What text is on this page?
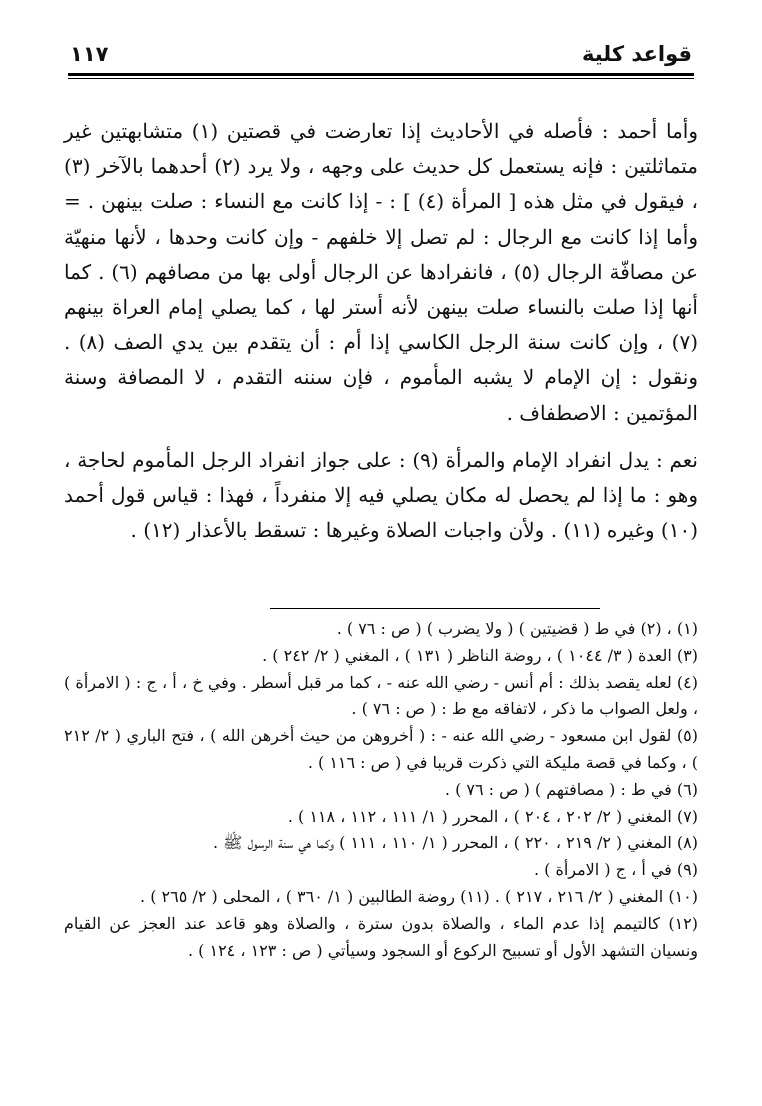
قواعد كلية
١١٧

وأما أحمد : فأصله في الأحاديث إذا تعارضت في قصتين (١) متشابهتين غير متماثلتين : فإنه يستعمل كل حديث على وجهه ، ولا يرد (٢) أحدهما بالآخر (٣) ، فيقول في مثل هذه [ المرأة (٤) ] : - إذا كانت مع النساء : صلت بينهن . = وأما إذا كانت مع الرجال : لم تصل إلا خلفهم - وإن كانت وحدها ، لأنها منهيّة عن مصافّة الرجال (٥) ، فانفرادها عن الرجال أولى بها من مصافهم (٦) . كما أنها إذا صلت بالنساء صلت بينهن لأنه أستر لها ، كما يصلي إمام العراة بينهم (٧) ، وإن كانت سنة الرجل الكاسي إذا أم : أن يتقدم بين يدي الصف (٨) . ونقول : إن الإمام لا يشبه المأموم ، فإن سننه التقدم ، لا المصافة وسنة المؤتمين : الاصطفاف .

نعم : يدل انفراد الإمام والمرأة (٩) : على جواز انفراد الرجل المأموم لحاجة ، وهو : ما إذا لم يحصل له مكان يصلي فيه إلا منفرداً ، فهذا : قياس قول أحمد (١٠) وغيره (١١) . ولأن واجبات الصلاة وغيرها : تسقط بالأعذار (١٢) .

(١) ، (٢) في ط ( قضيتين ) ( ولا يضرب ) ( ص : ٧٦ ) .

(٣) العدة ( ٣/ ١٠٤٤ ) ، روضة الناظر ( ١٣١ ) ، المغني ( ٢/ ٢٤٢ ) .

(٤) لعله يقصد بذلك : أم أنس - رضي الله عنه - ، كما مر قبل أسطر . وفي خ ، أ ، ج : ( الامرأة ) ، ولعل الصواب ما ذكر ، لاتفاقه مع ط : ( ص : ٧٦ ) .

(٥) لقول ابن مسعود - رضي الله عنه - : ( أخروهن من حيث أخرهن الله ) ، فتح الباري ( ٢/ ٢١٢ ) ، وكما في قصة مليكة التي ذكرت قريبا في ( ص : ١١٦ ) .

(٦) في ط : ( مصافتهم ) ( ص : ٧٦ ) .

(٧) المغني ( ٢/ ٢٠٢ ، ٢٠٤ ) ، المحرر ( ١/ ١١١ ، ١١٢ ، ١١٨ ) .

(٨) المغني ( ٢/ ٢١٩ ، ٢٢٠ ) ، المحرر ( ١/ ١١٠ ، ١١١ ) وكما هي سنة الرسول ﷺ .

(٩) في أ ، ج ( الامرأة ) .

(١٠) المغني ( ٢/ ٢١٦ ، ٢١٧ ) . (١١) روضة الطالبين ( ١/ ٣٦٠ ) ، المحلى ( ٢/ ٢٦٥ ) .

(١٢) كالتيمم إذا عدم الماء ، والصلاة بدون سترة ، والصلاة وهو قاعد عند العجز عن القيام ونسيان التشهد الأول أو تسبيح الركوع أو السجود وسيأتي ( ص : ١٢٣ ، ١٢٤ ) .
